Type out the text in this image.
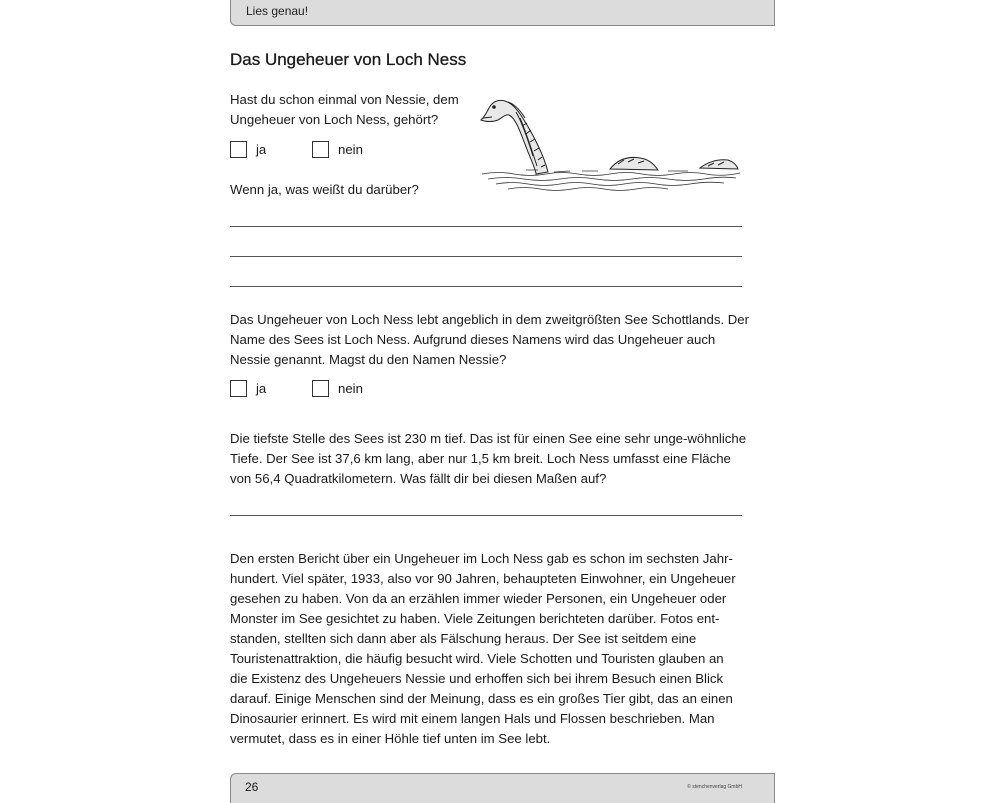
Lies genau!
Das Ungeheuer von Loch Ness

Hast du schon einmal von Nessie, dem Ungeheuer von Loch Ness, gehört?

ja	nein

Wenn ja, was weißt du darüber?

Das Ungeheuer von Loch Ness lebt angeblich in dem zweitgrößten See Schottlands. Der Name des Sees ist Loch Ness. Aufgrund dieses Namens wird das Ungeheuer auch Nessie genannt. Magst du den Namen Nessie?

ja	nein

Die tiefste Stelle des Sees ist 230 m tief. Das ist für einen See eine sehr unge-wöhnliche Tiefe. Der See ist 37,6 km lang, aber nur 1,5 km breit. Loch Ness umfasst eine Fläche von 56,4 Quadratkilometern. Was fällt dir bei diesen Maßen auf?

Den ersten Bericht über ein Ungeheuer im Loch Ness gab es schon im sechsten Jahr-hundert. Viel später, 1933, also vor 90 Jahren, behaupteten Einwohner, ein Ungeheuer gesehen zu haben. Von da an erzählen immer wieder Personen, ein Ungeheuer oder Monster im See gesichtet zu haben. Viele Zeitungen berichteten darüber. Fotos ent-standen, stellten sich dann aber als Fälschung heraus. Der See ist seitdem eine Touristenattraktion, die häufig besucht wird. Viele Schotten und Touristen glauben an die Existenz des Ungeheuers Nessie und erhoffen sich bei ihrem Besuch einen Blick darauf. Einige Menschen sind der Meinung, dass es ein großes Tier gibt, das an einen Dinosaurier erinnert. Es wird mit einem langen Hals und Flossen beschrieben. Man vermutet, dass es in einer Höhle tief unten im See lebt.

26	© stenchenverlag GmbH
